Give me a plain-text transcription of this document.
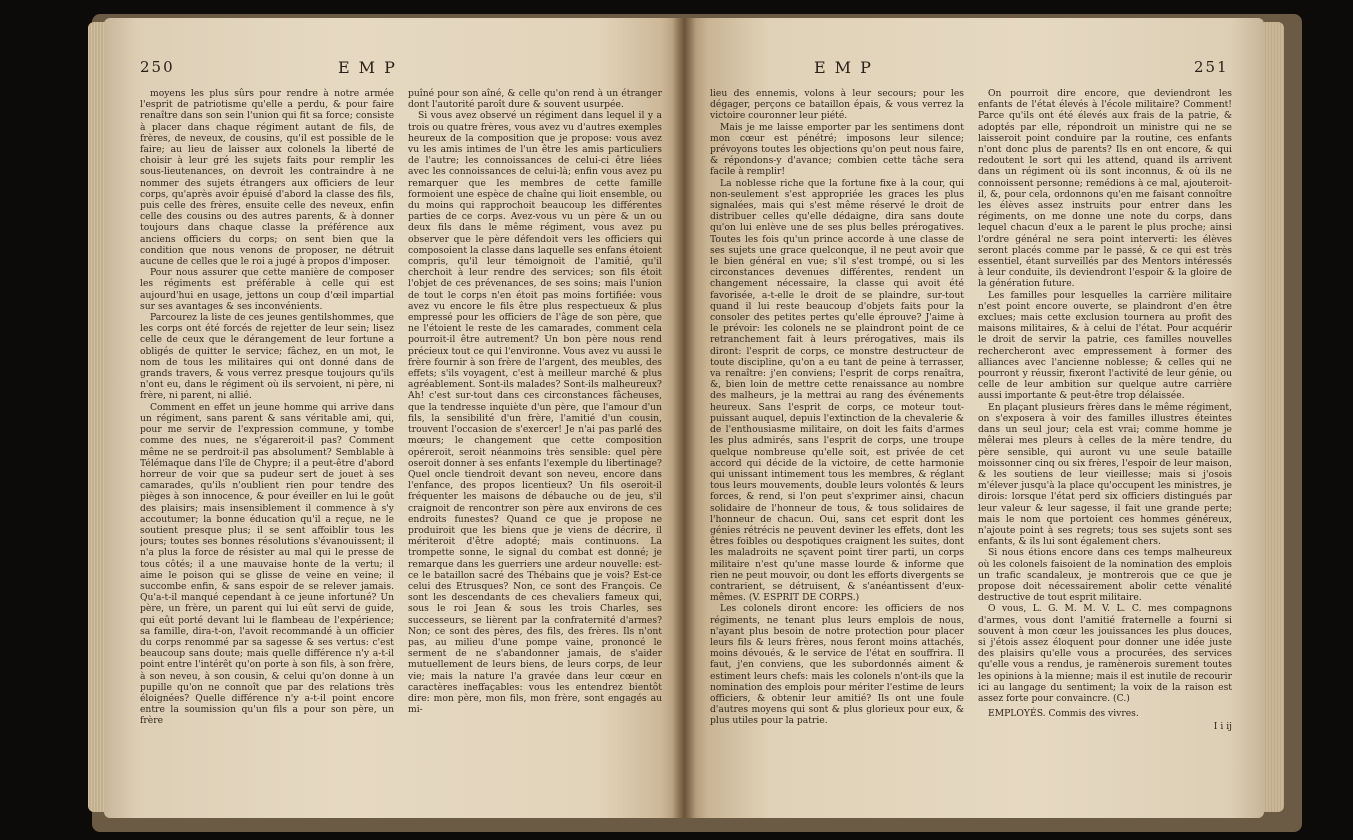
250	EMP

moyens les plus sûrs pour rendre à notre armée l'esprit de patriotisme qu'elle a perdu, & pour faire renaître dans son sein l'union qui fit sa force; consiste à placer dans chaque régiment autant de fils, de frères, de neveux, de cousins, qu'il est possible de le faire; au lieu de laisser aux colonels la liberté de choisir à leur gré les sujets faits pour remplir les sous-lieutenances, on devroit les contraindre à ne nommer des sujets étrangers aux officiers de leur corps, qu'après avoir épuisé d'abord la classe des fils, puis celle des frères, ensuite celle des neveux, enfin celle des cousins ou des autres parents, & à donner toujours dans chaque classe la préférence aux anciens officiers du corps; on sent bien que la condition que nous venons de proposer, ne détruit aucune de celles que le roi a jugé à propos d'imposer.

Pour nous assurer que cette manière de composer les régiments est préférable à celle qui est aujourd'hui en usage, jettons un coup d'œil impartial sur ses avantages & ses inconvénients.

Parcourez la liste de ces jeunes gentilshommes, que les corps ont été forcés de rejetter de leur sein; lisez celle de ceux que le dérangement de leur fortune a obligés de quitter le service; fâchez, en un mot, le nom de tous les militaires qui ont donné dans de grands travers, & vous verrez presque toujours qu'ils n'ont eu, dans le régiment où ils servoient, ni père, ni frère, ni parent, ni allié.

Comment en effet un jeune homme qui arrive dans un régiment, sans parent & sans véritable ami, qui, pour me servir de l'expression commune, y tombe comme des nues, ne s'égareroit-il pas? Comment même ne se perdroit-il pas absolument? Semblable à Télémaque dans l'île de Chypre; il a peut-être d'abord horreur de voir que sa pudeur sert de jouet à ses camarades, qu'ils n'oublient rien pour tendre des pièges à son innocence, & pour éveiller en lui le goût des plaisirs; mais insensiblement il commence à s'y accoutumer; la bonne éducation qu'il a reçue, ne le soutient presque plus; il se sent affoiblir tous les jours; toutes ses bonnes résolutions s'évanouissent; il n'a plus la force de résister au mal qui le presse de tous côtés; il a une mauvaise honte de la vertu; il aime le poison qui se glisse de veine en veine; il succombe enfin, & sans espoir de se relever jamais. Qu'a-t-il manqué cependant à ce jeune infortuné? Un père, un frère, un parent qui lui eût servi de guide, qui eût porté devant lui le flambeau de l'expérience; sa famille, dira-t-on, l'avoit recommandé à un officier du corps renommé par sa sagesse & ses vertus: c'est beaucoup sans doute; mais quelle différence n'y a-t-il point entre l'intérêt qu'on porte à son fils, à son frère, à son neveu, à son cousin, & celui qu'on donne à un pupille qu'on ne connoît que par des relations très éloignées? Quelle différence n'y a-t-il point encore entre la soumission qu'un fils a pour son père, un frère

puîné pour son aîné, & celle qu'on rend à un étranger dont l'autorité paroît dure & souvent usurpée.

Si vous avez observé un régiment dans lequel il y a trois ou quatre frères, vous avez vu d'autres exemples heureux de la composition que je propose: vous avez vu les amis intimes de l'un être les amis particuliers de l'autre; les connoissances de celui-ci être liées avec les connoissances de celui-là; enfin vous avez pu remarquer que les membres de cette famille formoient une espèce de chaîne qui lioit ensemble, ou du moins qui rapprochoit beaucoup les différentes parties de ce corps. Avez-vous vu un père & un ou deux fils dans le même régiment, vous avez pu observer que le père défendoit vers les officiers qui composoient la classe dans laquelle ses enfans étoient compris, qu'il leur témoignoit de l'amitié, qu'il cherchoit à leur rendre des services; son fils étoit l'objet de ces prévenances, de ses soins; mais l'union de tout le corps n'en étoit pas moins fortifiée: vous avez vu encore le fils être plus respectueux & plus empressé pour les officiers de l'âge de son père, que ne l'étoient le reste de les camarades, comment cela pourroit-il être autrement? Un bon père nous rend précieux tout ce qui l'environne. Vous avez vu aussi le frère fournir à son frère de l'argent, des meubles, des effets; s'ils voyagent, c'est à meilleur marché & plus agréablement. Sont-ils malades? Sont-ils malheureux? Ah! c'est sur-tout dans ces circonstances fâcheuses, que la tendresse inquiète d'un père, que l'amour d'un fils, la sensibilité d'un frère, l'amitié d'un cousin, trouvent l'occasion de s'exercer! Je n'ai pas parlé des mœurs; le changement que cette composition opéreroit, seroit néanmoins très sensible: quel père oseroit donner à ses enfants l'exemple du libertinage? Quel oncle tiendroit devant son neveu, encore dans l'enfance, des propos licentieux? Un fils oseroit-il fréquenter les maisons de débauche ou de jeu, s'il craignoit de rencontrer son père aux environs de ces endroits funestes? Quand ce que je propose ne produiroit que les biens que je viens de décrire, il mériteroit d'être adopté; mais continuons. La trompette sonne, le signal du combat est donné; je remarque dans les guerriers une ardeur nouvelle: est-ce le bataillon sacré des Thébains que je vois? Est-ce celui des Etrusques? Non, ce sont des François. Ce sont les descendants de ces chevaliers fameux qui, sous le roi Jean & sous les trois Charles, ses successeurs, se lièrent par la confraternité d'armes? Non; ce sont des pères, des fils, des frères. Ils n'ont pas, au milieu d'une pompe vaine, prononcé le serment de ne s'abandonner jamais, de s'aider mutuellement de leurs biens, de leurs corps, de leur vie; mais la nature l'a gravée dans leur cœur en caractères ineffaçables: vous les entendrez bientôt dire: mon père, mon fils, mon frère, sont engagés au mi-

EMP	251

lieu des ennemis, volons à leur secours; pour les dégager, perçons ce bataillon épais, & vous verrez la victoire couronner leur piété.

Mais je me laisse emporter par les sentimens dont mon cœur est pénétré; imposons leur silence; prévoyons toutes les objections qu'on peut nous faire, & répondons-y d'avance; combien cette tâche sera facile à remplir!

La noblesse riche que la fortune fixe à la cour, qui non-seulement s'est appropriée les graces les plus signalées, mais qui s'est même réservé le droit de distribuer celles qu'elle dédaigne, dira sans doute qu'on lui enlève une de ses plus belles prérogatives. Toutes les fois qu'un prince accorde à une classe de ses sujets une grace quelconque, il ne peut avoir que le bien général en vue; s'il s'est trompé, ou si les circonstances devenues différentes, rendent un changement nécessaire, la classe qui avoit été favorisée, a-t-elle le droit de se plaindre, sur-tout quand il lui reste beaucoup d'objets faits pour la consoler des petites pertes qu'elle éprouve? J'aime à le prévoir: les colonels ne se plaindront point de ce retranchement fait à leurs prérogatives, mais ils diront: l'esprit de corps, ce monstre destructeur de toute discipline, qu'on a eu tant de peine à terrasser, va renaître: j'en conviens; l'esprit de corps renaîtra, &, bien loin de mettre cette renaissance au nombre des malheurs, je la mettrai au rang des événements heureux. Sans l'esprit de corps, ce moteur tout-puissant auquel, depuis l'extinction de la chevalerie & de l'enthousiasme militaire, on doit les faits d'armes les plus admirés, sans l'esprit de corps, une troupe quelque nombreuse qu'elle soit, est privée de cet accord qui décide de la victoire, de cette harmonie qui unissant intimement tous les membres, & réglant tous leurs mouvements, double leurs volontés & leurs forces, & rend, si l'on peut s'exprimer ainsi, chacun solidaire de l'honneur de tous, & tous solidaires de l'honneur de chacun. Oui, sans cet esprit dont les génies rétrécis ne peuvent deviner les effets, dont les êtres foibles ou despotiques craignent les suites, dont les maladroits ne sçavent point tirer parti, un corps militaire n'est qu'une masse lourde & informe que rien ne peut mouvoir, ou dont les efforts divergents se contrarient, se détruisent, & s'anéantissent d'eux-mêmes. (V. ESPRIT DE CORPS.)

Les colonels diront encore: les officiers de nos régiments, ne tenant plus leurs emplois de nous, n'ayant plus besoin de notre protection pour placer leurs fils & leurs frères, nous feront moins attachés, moins dévoués, & le service de l'état en souffrira. Il faut, j'en conviens, que les subordonnés aiment & estiment leurs chefs: mais les colonels n'ont-ils que la nomination des emplois pour mériter l'estime de leurs officiers, & obtenir leur amitié? Ils ont une foule d'autres moyens qui sont & plus glorieux pour eux, & plus utiles pour la patrie.

On pourroit dire encore, que deviendront les enfants de l'état élevés à l'école militaire? Comment! Parce qu'ils ont été élevés aux frais de la patrie, & adoptés par elle, répondroit un ministre qui ne se laisseroit point conduire par la routine, ces enfants n'ont donc plus de parents? Ils en ont encore, & qui redoutent le sort qui les attend, quand ils arrivent dans un régiment où ils sont inconnus, & où ils ne connoissent personne; remédions à ce mal, ajouteroit-il, &, pour cela, ordonnons qu'en me faisant connoître les élèves assez instruits pour entrer dans les régiments, on me donne une note du corps, dans lequel chacun d'eux a le parent le plus proche; ainsi l'ordre général ne sera point interverti: les élèves seront placés comme par le passé, & ce qui est très essentiel, étant surveillés par des Mentors intéressés à leur conduite, ils deviendront l'espoir & la gloire de la génération future.

Les familles pour lesquelles la carrière militaire n'est point encore ouverte, se plaindront d'en être exclues; mais cette exclusion tournera au profit des maisons militaires, & à celui de l'état. Pour acquérir le droit de servir la patrie, ces familles nouvelles rechercheront avec empressement à former des alliances avec l'ancienne noblesse; & celles qui ne pourront y réussir, fixeront l'activité de leur génie, ou celle de leur ambition sur quelque autre carrière aussi importante & peut-être trop délaissée.

En plaçant plusieurs frères dans le même régiment, on s'exposera à voir des familles illustres éteintes dans un seul jour; cela est vrai; comme homme je mêlerai mes pleurs à celles de la mère tendre, du père sensible, qui auront vu une seule bataille moissonner cinq ou six frères, l'espoir de leur maison, & les soutiens de leur vieillesse; mais si j'osois m'élever jusqu'à la place qu'occupent les ministres, je dirois: lorsque l'état perd six officiers distingués par leur valeur & leur sagesse, il fait une grande perte; mais le nom que portoient ces hommes généreux, n'ajoute point à ses regrets; tous ses sujets sont ses enfants, & ils lui sont également chers.

Si nous étions encore dans ces temps malheureux où les colonels faisoient de la nomination des emplois un trafic scandaleux, je montrerois que ce que je propose doit nécessairement abolir cette vénalité destructive de tout esprit militaire.

O vous, L. G. M. M. V. L. C. mes compagnons d'armes, vous dont l'amitié fraternelle a fourni si souvent à mon cœur les jouissances les plus douces, si j'étois assez éloquent pour donner une idée juste des plaisirs qu'elle vous a procurées, des services qu'elle vous a rendus, je ramènerois surement toutes les opinions à la mienne; mais il est inutile de recourir ici au langage du sentiment; la voix de la raison est assez forte pour convaincre. (C.)

EMPLOYÉS. Commis des vivres.

I i ij
